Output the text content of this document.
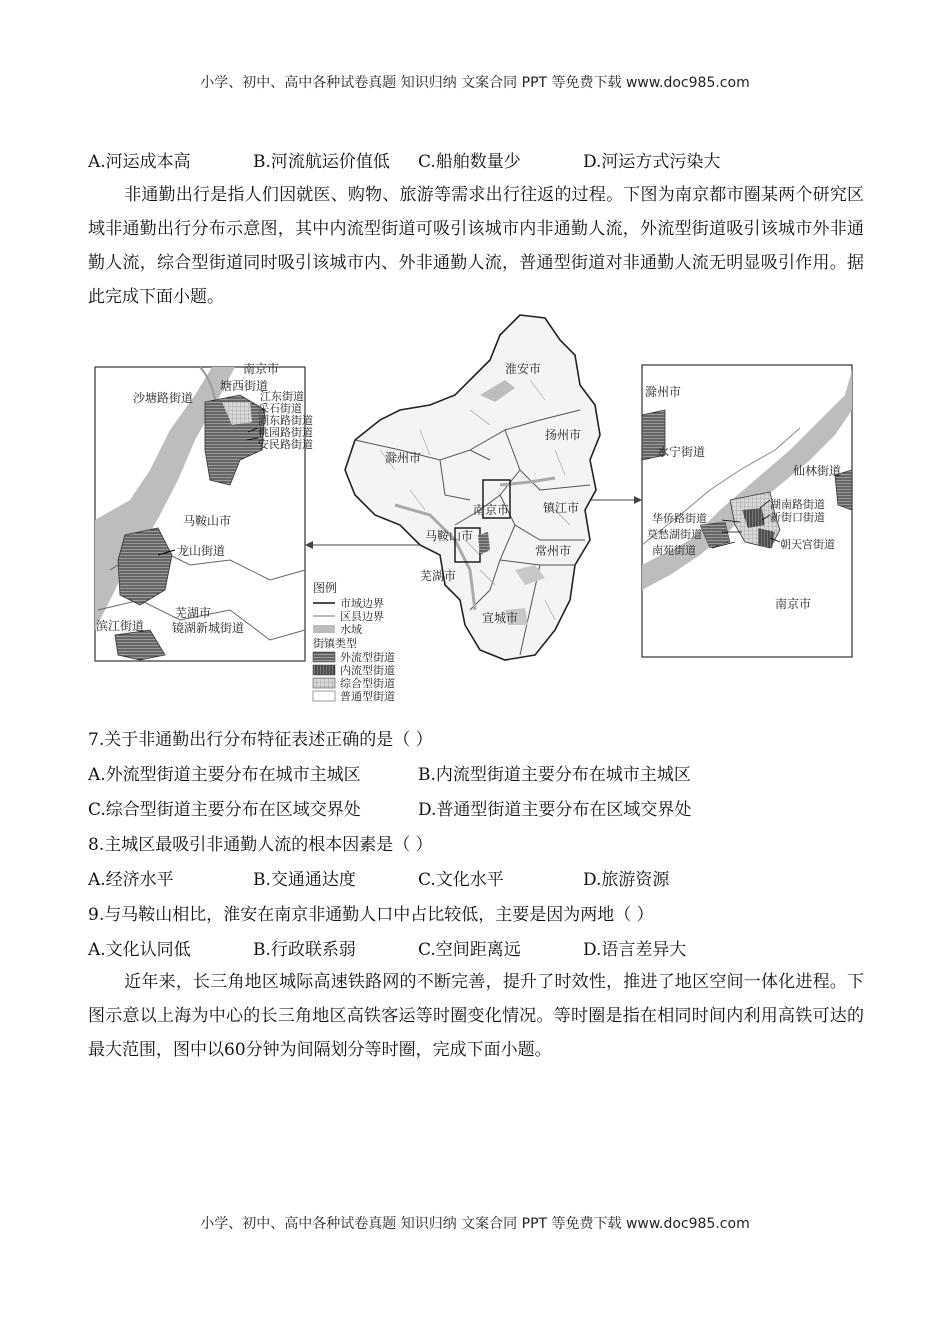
小学、初中、高中各种试卷真题 知识归纳 文案合同 PPT 等免费下载 www.doc985.com
A.河运成本高	B.河流航运价值低 C.船舶数量少	D.河运方式污染大
非通勤出行是指人们因就医、购物、旅游等需求出行往返的过程。下图为南京都市圈某两个研究区域非通勤出行分布示意图，其中内流型街道可吸引该城市内非通勤人流，外流型街道吸引该城市外非通勤人流，综合型街道同时吸引该城市内、外非通勤人流，普通型街道对非通勤人流无明显吸引作用。据此完成下面小题。
南京市
塘西街道
沙塘路街道	江东街道
采石街道
湖东路街道
桃园路街道
安民路街道
马鞍山市
龙山街道
芜湖市
滨江街道 镜湖新城街道
淮安市
扬州市
滁州市
南京市	镇江市
马鞍山市
常州市
芜湖市
宣城市
图例
市域边界
区县边界
水域
街镇类型
外流型街道
内流型街道
综合型街道
普通型街道
滁州市
水宁街道
仙林街道
湖南路街道
华侨路街道	新街口街道
莫愁湖街道
南苑街道	朝天宫街道
南京市
7.关于非通勤出行分布特征表述正确的是（ ）
A.外流型街道主要分布在城市主城区	B.内流型街道主要分布在城市主城区
C.综合型街道主要分布在区域交界处	D.普通型街道主要分布在区域交界处
8.主城区最吸引非通勤人流的根本因素是（ ）
A.经济水平	B.交通通达度	C.文化水平	D.旅游资源
9.与马鞍山相比，淮安在南京非通勤人口中占比较低，主要是因为两地（ ）
A.文化认同低	B.行政联系弱	C.空间距离远	D.语言差异大
近年来，长三角地区城际高速铁路网的不断完善，提升了时效性，推进了地区空间一体化进程。下图示意以上海为中心的长三角地区高铁客运等时圈变化情况。等时圈是指在相同时间内利用高铁可达的最大范围，图中以60分钟为间隔划分等时圈，完成下面小题。
小学、初中、高中各种试卷真题 知识归纳 文案合同 PPT 等免费下载 www.doc985.com
